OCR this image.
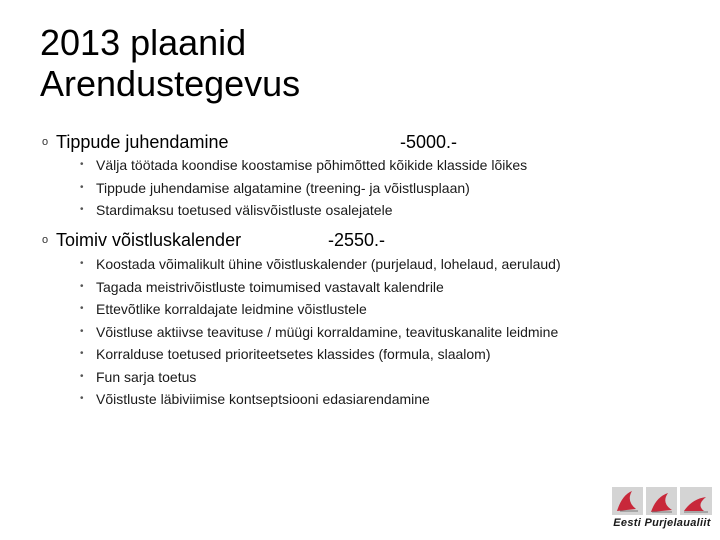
2013 plaanid
Arendustegevus
o Tippude juhendamine	-5000.-
• Välja töötada koondise koostamise põhimõtted kõikide klasside lõikes
• Tippude juhendamise algatamine (treening- ja võistlusplaan)
• Stardimaksu toetused välisvõistluste osalejatele
o Toimiv võistluskalender	-2550.-
• Koostada võimalikult ühine võistluskalender (purjelaud, lohelaud, aerulaud)
• Tagada meistrivõistluste toimumised vastavalt kalendrile
• Ettevõtlike korraldajate leidmine võistlustele
• Võistluse aktiivse teavituse / müügi korraldamine, teavituskanalite leidmine
• Korralduse toetused prioriteetsetes klassides (formula, slaalom)
• Fun sarja toetus
• Võistluste läbiviimise kontseptsiooni edasiarendamine
Eesti Purjelaualiit
